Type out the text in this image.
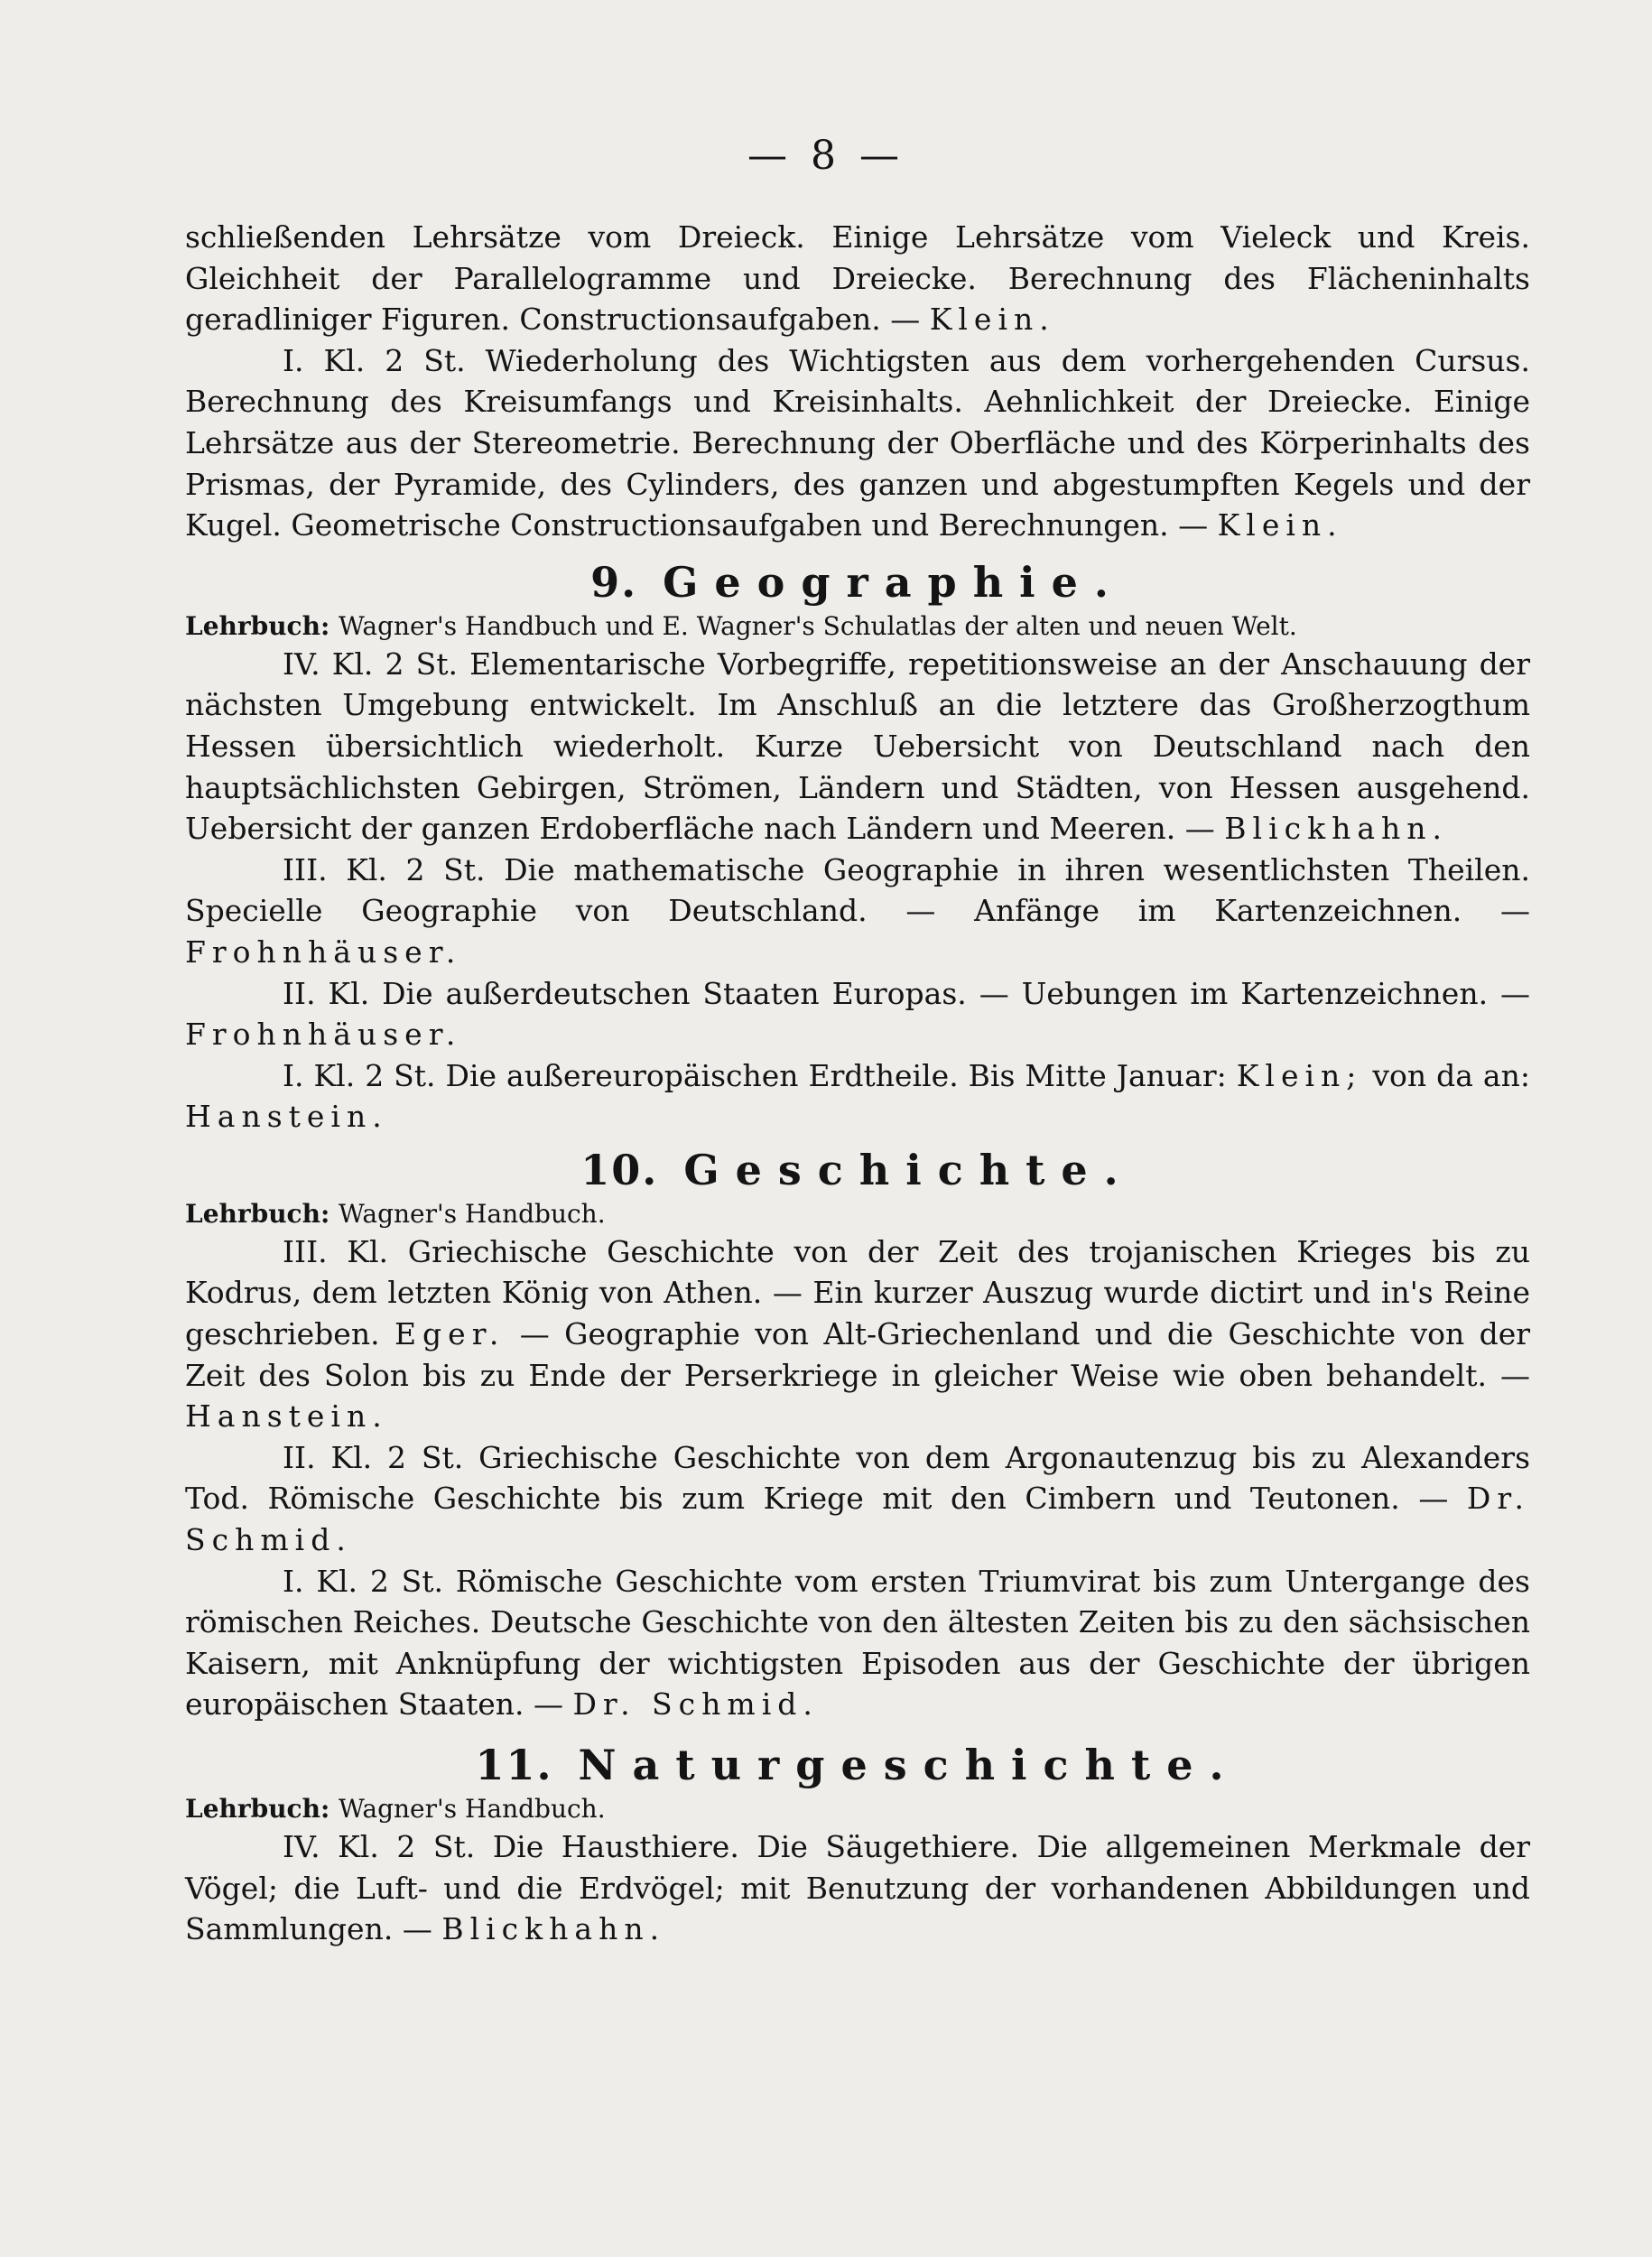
— 8 —

schließenden Lehrsätze vom Dreieck. Einige Lehrsätze vom Vieleck und Kreis. Gleichheit der Parallelogramme und Dreiecke. Berechnung des Flächeninhalts geradliniger Figuren. Constructionsaufgaben. — Klein.

I. Kl. 2 St. Wiederholung des Wichtigsten aus dem vorhergehenden Cursus. Berechnung des Kreisumfangs und Kreisinhalts. Aehnlichkeit der Dreiecke. Einige Lehrsätze aus der Stereometrie. Berechnung der Oberfläche und des Körperinhalts des Prismas, der Pyramide, des Cylinders, des ganzen und abgestumpften Kegels und der Kugel. Geometrische Constructionsaufgaben und Berechnungen. — Klein.

9. Geographie.

Lehrbuch: Wagner's Handbuch und E. Wagner's Schulatlas der alten und neuen Welt.

IV. Kl. 2 St. Elementarische Vorbegriffe, repetitionsweise an der Anschauung der nächsten Umgebung entwickelt. Im Anschluß an die letztere das Großherzogthum Hessen übersichtlich wiederholt. Kurze Uebersicht von Deutschland nach den hauptsächlichsten Gebirgen, Strömen, Ländern und Städten, von Hessen ausgehend. Uebersicht der ganzen Erdoberfläche nach Ländern und Meeren. — Blickhahn.

III. Kl. 2 St. Die mathematische Geographie in ihren wesentlichsten Theilen. Specielle Geographie von Deutschland. — Anfänge im Kartenzeichnen. — Frohnhäuser.

II. Kl. Die außerdeutschen Staaten Europas. — Uebungen im Kartenzeichnen. — Frohnhäuser.

I. Kl. 2 St. Die außereuropäischen Erdtheile. Bis Mitte Januar: Klein; von da an: Hanstein.

10. Geschichte.

Lehrbuch: Wagner's Handbuch.

III. Kl. Griechische Geschichte von der Zeit des trojanischen Krieges bis zu Kodrus, dem letzten König von Athen. — Ein kurzer Auszug wurde dictirt und in's Reine geschrieben. Eger. — Geographie von Alt-Griechenland und die Geschichte von der Zeit des Solon bis zu Ende der Perserkriege in gleicher Weise wie oben behandelt. — Hanstein.

II. Kl. 2 St. Griechische Geschichte von dem Argonautenzug bis zu Alexanders Tod. Römische Geschichte bis zum Kriege mit den Cimbern und Teutonen. — Dr. Schmid.

I. Kl. 2 St. Römische Geschichte vom ersten Triumvirat bis zum Untergange des römischen Reiches. Deutsche Geschichte von den ältesten Zeiten bis zu den sächsischen Kaisern, mit Anknüpfung der wichtigsten Episoden aus der Geschichte der übrigen europäischen Staaten. — Dr. Schmid.

11. Naturgeschichte.

Lehrbuch: Wagner's Handbuch.

IV. Kl. 2 St. Die Hausthiere. Die Säugethiere. Die allgemeinen Merkmale der Vögel; die Luft- und die Erdvögel; mit Benutzung der vorhandenen Abbildungen und Sammlungen. — Blickhahn.
